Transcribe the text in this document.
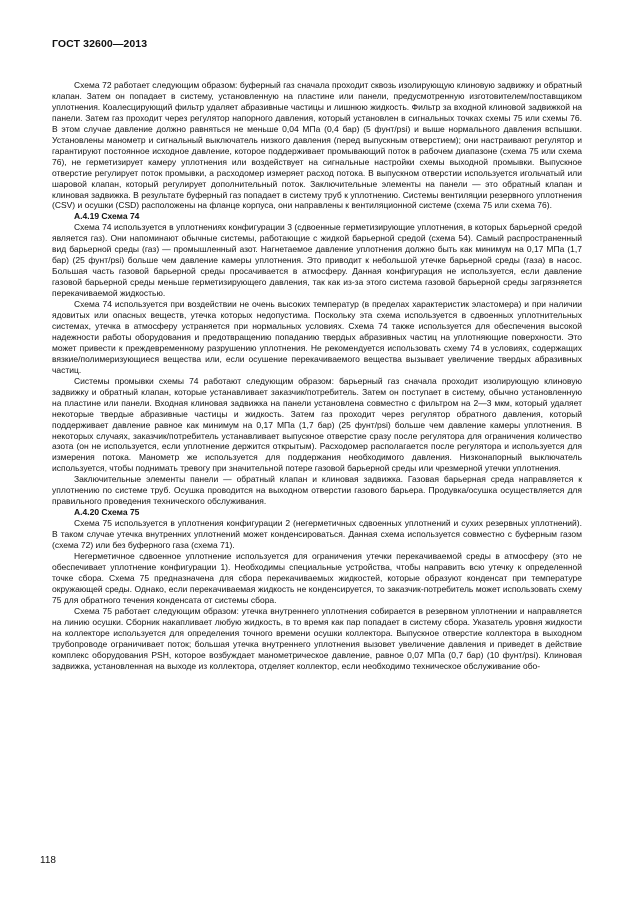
ГОСТ 32600—2013

Схема 72 работает следующим образом: буферный газ сначала проходит сквозь изолирующую клиновую задвижку и обратный клапан. Затем он попадает в систему, установленную на пластине или панели, предусмотренную изготовителем/поставщиком уплотнения. Коалесцирующий фильтр удаляет абразивные частицы и лишнюю жидкость. Фильтр за входной клиновой задвижкой на панели. Затем газ проходит через регулятор напорного давления, который установлен в сигнальных точках схемы 75 или схемы 76. В этом случае давление должно равняться не меньше 0,04 МПа (0,4 бар) (5 фунт/psi) и выше нормального давления вспышки. Установлены манометр и сигнальный выключатель низкого давления (перед выпускным отверстием); они настраивают регулятор и гарантируют постоянное исходное давление, которое поддерживает промывающий поток в рабочем диапазоне (схема 75 или схема 76), не герметизирует камеру уплотнения или воздействует на сигнальные настройки схемы выходной промывки. Выпускное отверстие регулирует поток промывки, а расходомер измеряет расход потока. В выпускном отверстии используется игольчатый или шаровой клапан, который регулирует дополнительный поток. Заключительные элементы на панели — это обратный клапан и клиновая задвижка. В результате буферный газ попадает в систему труб к уплотнению. Системы вентиляции резервного уплотнения (CSV) и осушки (CSD) расположены на фланце корпуса, они направлены к вентиляционной системе (схема 75 или схема 76).

А.4.19 Схема 74

Схема 74 используется в уплотнениях конфигурации 3 (сдвоенные герметизирующие уплотнения, в которых барьерной средой является газ). Они напоминают обычные системы, работающие с жидкой барьерной средой (схема 54). Самый распространенный вид барьерной среды (газ) — промышленный азот. Нагнетаемое давление уплотнения должно быть как минимум на 0,17 МПа (1,7 бар) (25 фунт/psi) больше чем давление камеры уплотнения. Это приводит к небольшой утечке барьерной среды (газа) в насос. Большая часть газовой барьерной среды просачивается в атмосферу. Данная конфигурация не используется, если давление газовой барьерной среды меньше герметизирующего давления, так как из-за этого система газовой барьерной среды загрязняется перекачиваемой жидкостью.

Схема 74 используется при воздействии не очень высоких температур (в пределах характеристик эластомера) и при наличии ядовитых или опасных веществ, утечка которых недопустима. Поскольку эта схема используется в сдвоенных уплотнительных системах, утечка в атмосферу устраняется при нормальных условиях. Схема 74 также используется для обеспечения высокой надежности работы оборудования и предотвращению попаданию твердых абразивных частиц на уплотняющие поверхности. Это может привести к преждевременному разрушению уплотнения. Не рекомендуется использовать схему 74 в условиях, содержащих вязкие/полимеризующиеся вещества или, если осушение перекачиваемого вещества вызывает увеличение твердых абразивных частиц.

Системы промывки схемы 74 работают следующим образом: барьерный газ сначала проходит изолирующую клиновую задвижку и обратный клапан, которые устанавливает заказчик/потребитель. Затем он поступает в систему, обычно установленную на пластине или панели. Входная клиновая задвижка на панели установлена совместно с фильтром на 2—3 мкм, который удаляет некоторые твердые абразивные частицы и жидкость. Затем газ проходит через регулятор обратного давления, который поддерживает давление равное как минимум на 0,17 МПа (1,7 бар) (25 фунт/psi) больше чем давление камеры уплотнения. В некоторых случаях, заказчик/потребитель устанавливает выпускное отверстие сразу после регулятора для ограничения количество азота (он не используется, если уплотнение держится открытым). Расходомер располагается после регулятора и используется для измерения потока. Манометр же используется для поддержания необходимого давления. Низконапорный выключатель используется, чтобы поднимать тревогу при значительной потере газовой барьерной среды или чрезмерной утечки уплотнения.

Заключительные элементы панели — обратный клапан и клиновая задвижка. Газовая барьерная среда направляется к уплотнению по системе труб. Осушка проводится на выходном отверстии газового барьера. Продувка/осушка осуществляется для правильного проведения технического обслуживания.

А.4.20 Схема 75

Схема 75 используется в уплотнения конфигурации 2 (негерметичных сдвоенных уплотнений и сухих резервных уплотнений). В таком случае утечка внутренних уплотнений может конденсироваться. Данная схема используется совместно с буферным газом (схема 72) или без буферного газа (схема 71).

Негерметичное сдвоенное уплотнение используется для ограничения утечки перекачиваемой среды в атмосферу (это не обеспечивает уплотнение конфигурации 1). Необходимы специальные устройства, чтобы направить всю утечку к определенной точке сбора. Схема 75 предназначена для сбора перекачиваемых жидкостей, которые образуют конденсат при температуре окружающей среды. Однако, если перекачиваемая жидкость не конденсируется, то заказчик-потребитель может использовать схему 75 для обратного течения конденсата от системы сбора.

Схема 75 работает следующим образом: утечка внутреннего уплотнения собирается в резервном уплотнении и направляется на линию осушки. Сборник накапливает любую жидкость, в то время как пар попадает в систему сбора. Указатель уровня жидкости на коллекторе используется для определения точного времени осушки коллектора. Выпускное отверстие коллектора в выходном трубопроводе ограничивает поток; большая утечка внутреннего уплотнения вызовет увеличение давления и приведет в действие комплекс оборудования PSH, которое возбуждает манометрическое давление, равное 0,07 МПа (0,7 бар) (10 фунт/psi). Клиновая задвижка, установленная на выходе из коллектора, отделяет коллектор, если необходимо техническое обслуживание обо-

118
